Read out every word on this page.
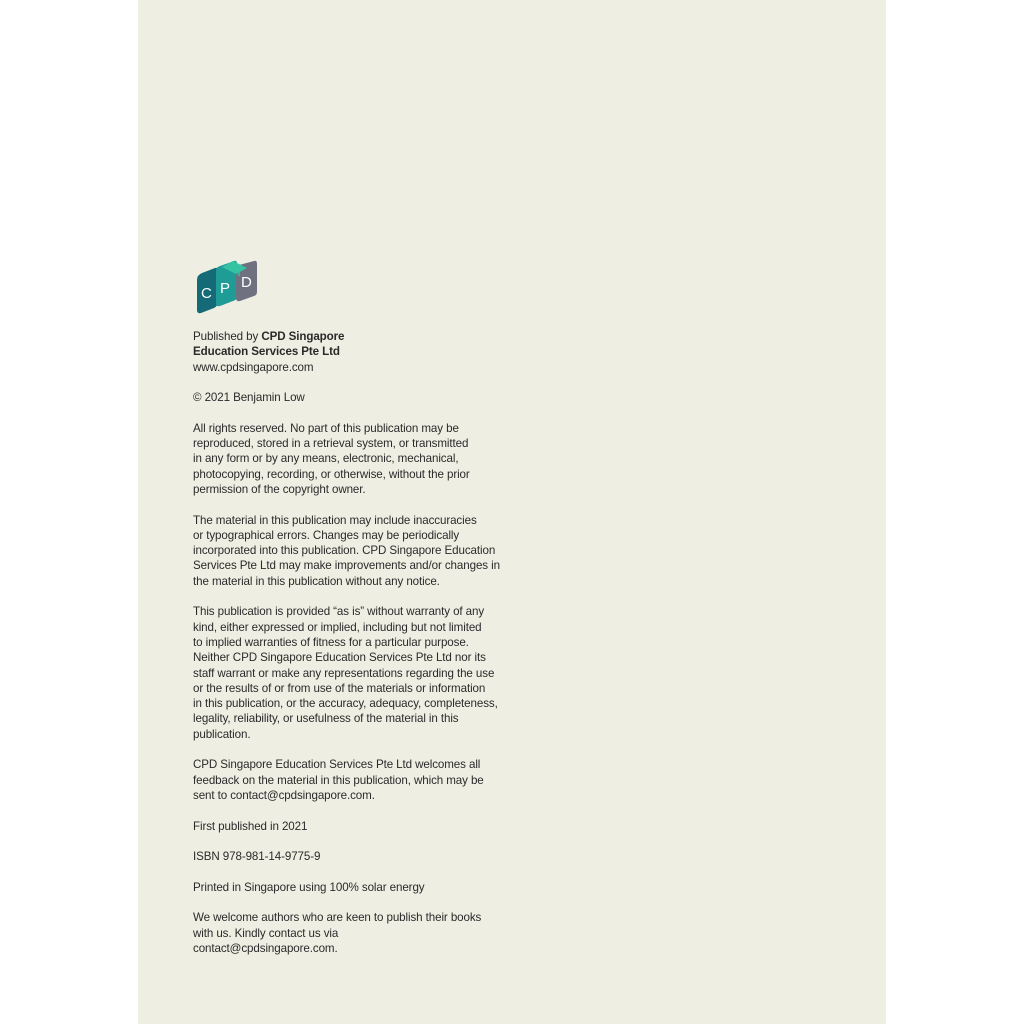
C P D

Published by CPD Singapore
Education Services Pte Ltd
www.cpdsingapore.com

© 2021 Benjamin Low

All rights reserved. No part of this publication may be
reproduced, stored in a retrieval system, or transmitted
in any form or by any means, electronic, mechanical,
photocopying, recording, or otherwise, without the prior
permission of the copyright owner.

The material in this publication may include inaccuracies
or typographical errors. Changes may be periodically
incorporated into this publication. CPD Singapore Education
Services Pte Ltd may make improvements and/or changes in
the material in this publication without any notice.

This publication is provided “as is” without warranty of any
kind, either expressed or implied, including but not limited
to implied warranties of fitness for a particular purpose.
Neither CPD Singapore Education Services Pte Ltd nor its
staff warrant or make any representations regarding the use
or the results of or from use of the materials or information
in this publication, or the accuracy, adequacy, completeness,
legality, reliability, or usefulness of the material in this
publication.

CPD Singapore Education Services Pte Ltd welcomes all
feedback on the material in this publication, which may be
sent to contact@cpdsingapore.com.

First published in 2021

ISBN 978-981-14-9775-9

Printed in Singapore using 100% solar energy

We welcome authors who are keen to publish their books
with us. Kindly contact us via
contact@cpdsingapore.com.
